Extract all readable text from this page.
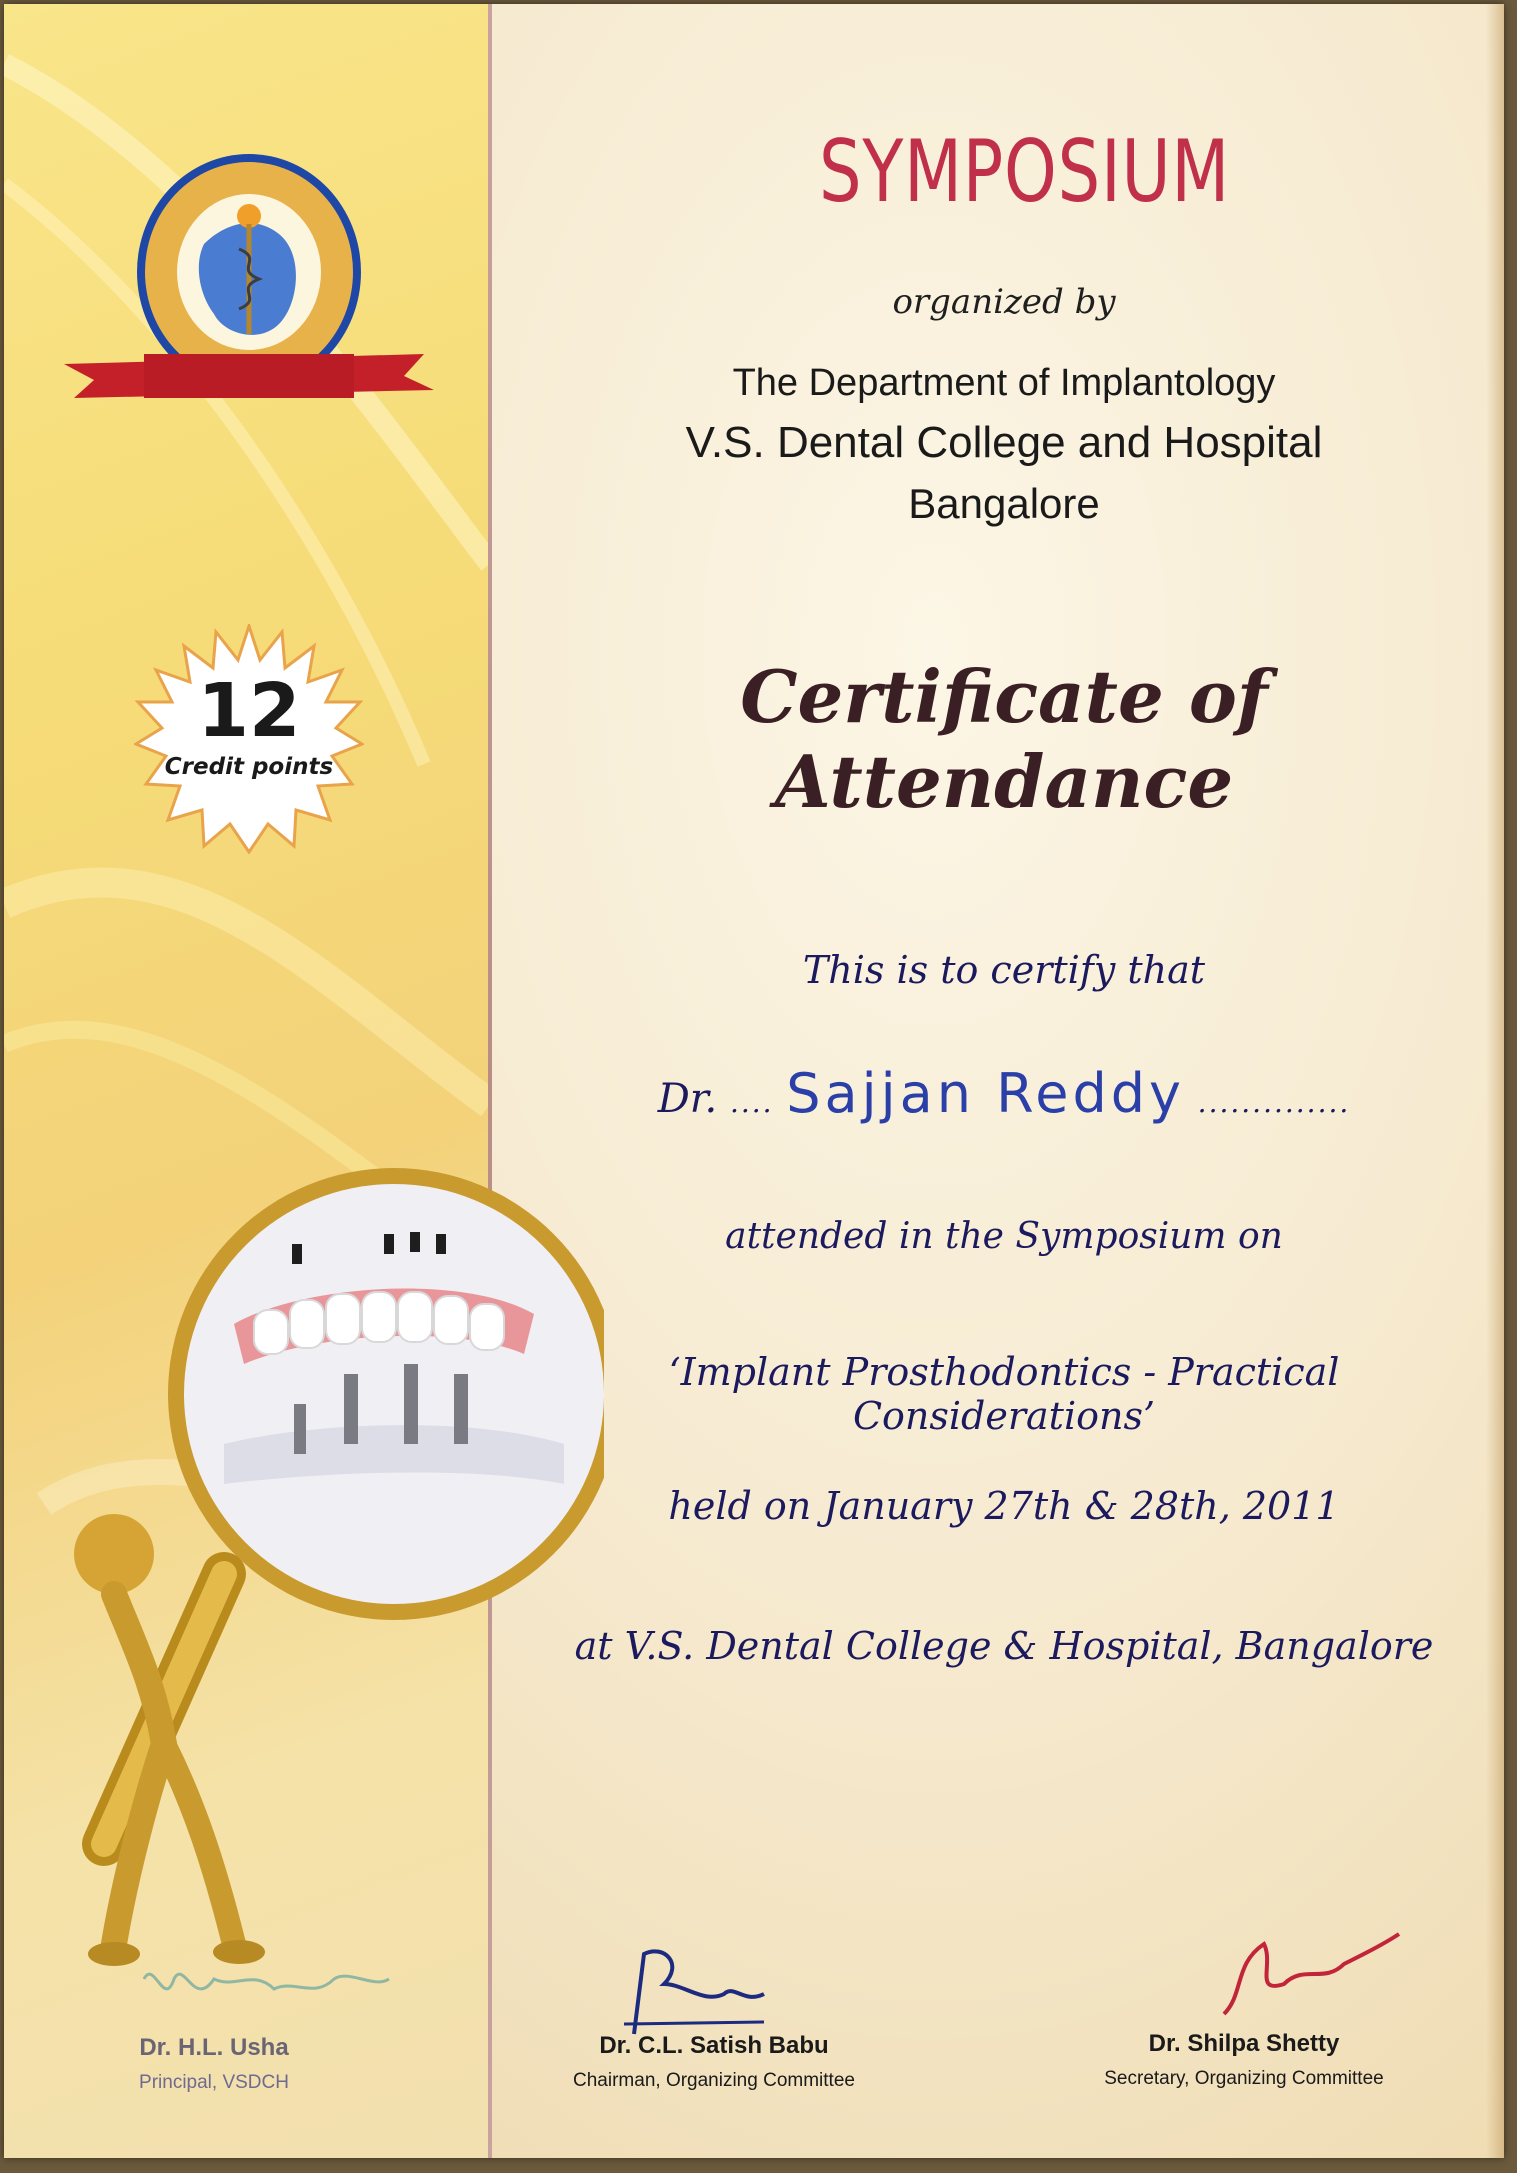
12
Credit points
SYMPOSIUM
organized by
The Department of Implantology
V.S. Dental College and Hospital
Bangalore
Certificate of Attendance
This is to certify that
Dr. .... Sajjan Reddy ..............
attended in the Symposium on
‘Implant Prosthodontics - Practical Considerations’
held on January 27th & 28th, 2011
at V.S. Dental College & Hospital, Bangalore
Dr. H.L. Usha
Principal, VSDCH
Dr. C.L. Satish Babu
Chairman, Organizing Committee
Dr. Shilpa Shetty
Secretary, Organizing Committee
